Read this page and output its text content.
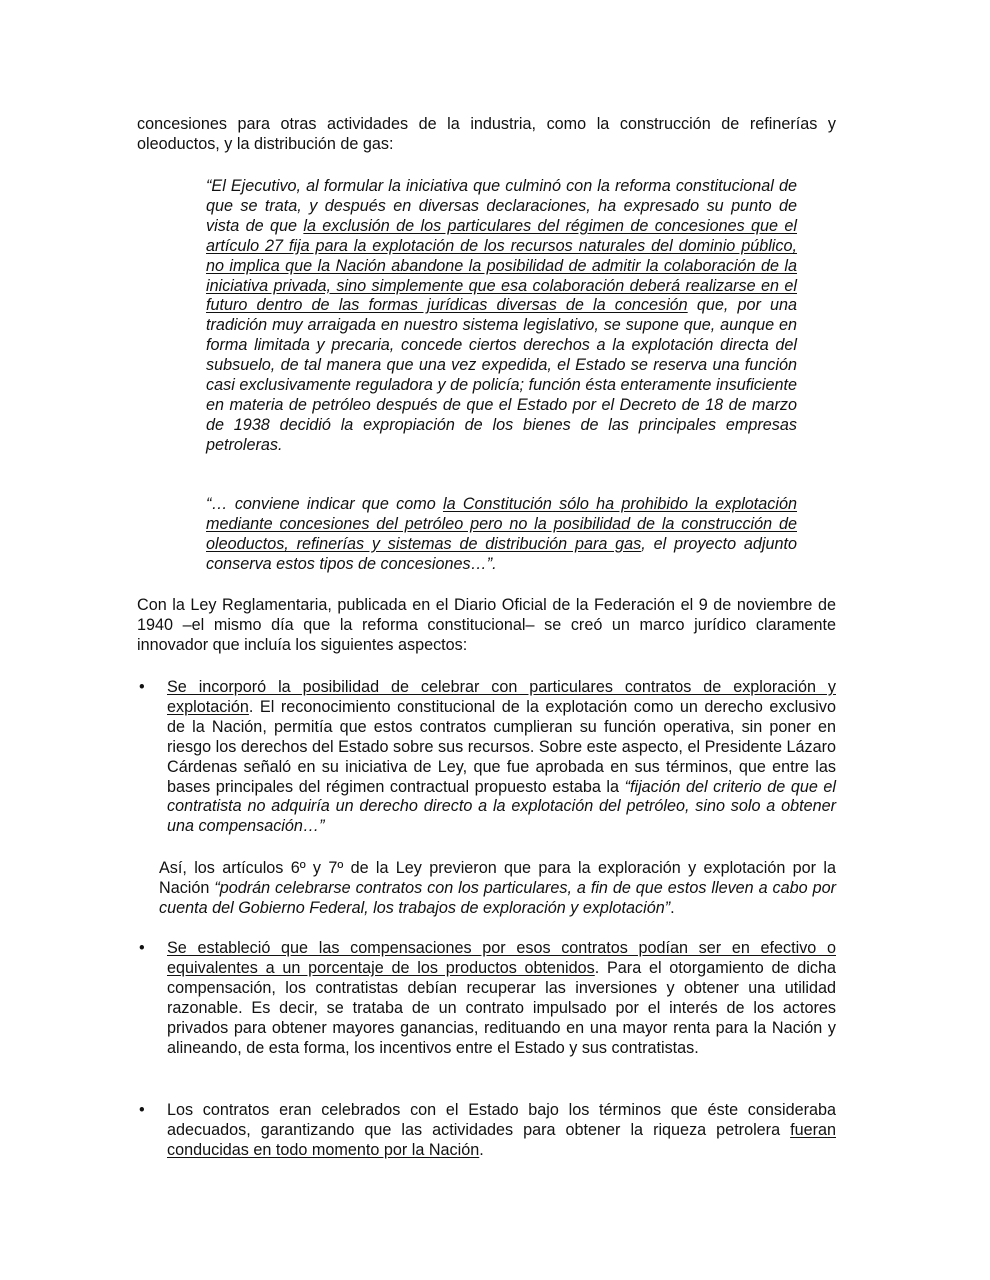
concesiones para otras actividades de la industria, como la construcción de refinerías y oleoductos, y la distribución de gas:

“El Ejecutivo, al formular la iniciativa que culminó con la reforma constitucional de que se trata, y después en diversas declaraciones, ha expresado su punto de vista de que la exclusión de los particulares del régimen de concesiones que el artículo 27 fija para la explotación de los recursos naturales del dominio público, no implica que la Nación abandone la posibilidad de admitir la colaboración de la iniciativa privada, sino simplemente que esa colaboración deberá realizarse en el futuro dentro de las formas jurídicas diversas de la concesión que, por una tradición muy arraigada en nuestro sistema legislativo, se supone que, aunque en forma limitada y precaria, concede ciertos derechos a la explotación directa del subsuelo, de tal manera que una vez expedida, el Estado se reserva una función casi exclusivamente reguladora y de policía; función ésta enteramente insuficiente en materia de petróleo después de que el Estado por el Decreto de 18 de marzo de 1938 decidió la expropiación de los bienes de las principales empresas petroleras.

“… conviene indicar que como la Constitución sólo ha prohibido la explotación mediante concesiones del petróleo pero no la posibilidad de la construcción de oleoductos, refinerías y sistemas de distribución para gas, el proyecto adjunto conserva estos tipos de concesiones…”.

Con la Ley Reglamentaria, publicada en el Diario Oficial de la Federación el 9 de noviembre de 1940 –el mismo día que la reforma constitucional– se creó un marco jurídico claramente innovador que incluía los siguientes aspectos:

• Se incorporó la posibilidad de celebrar con particulares contratos de exploración y explotación. El reconocimiento constitucional de la explotación como un derecho exclusivo de la Nación, permitía que estos contratos cumplieran su función operativa, sin poner en riesgo los derechos del Estado sobre sus recursos. Sobre este aspecto, el Presidente Lázaro Cárdenas señaló en su iniciativa de Ley, que fue aprobada en sus términos, que entre las bases principales del régimen contractual propuesto estaba la “fijación del criterio de que el contratista no adquiría un derecho directo a la explotación del petróleo, sino solo a obtener una compensación…”

Así, los artículos 6º y 7º de la Ley previeron que para la exploración y explotación por la Nación “podrán celebrarse contratos con los particulares, a fin de que estos lleven a cabo por cuenta del Gobierno Federal, los trabajos de exploración y explotación”.

• Se estableció que las compensaciones por esos contratos podían ser en efectivo o equivalentes a un porcentaje de los productos obtenidos. Para el otorgamiento de dicha compensación, los contratistas debían recuperar las inversiones y obtener una utilidad razonable. Es decir, se trataba de un contrato impulsado por el interés de los actores privados para obtener mayores ganancias, redituando en una mayor renta para la Nación y alineando, de esta forma, los incentivos entre el Estado y sus contratistas.

• Los contratos eran celebrados con el Estado bajo los términos que éste consideraba adecuados, garantizando que las actividades para obtener la riqueza petrolera fueran conducidas en todo momento por la Nación.
